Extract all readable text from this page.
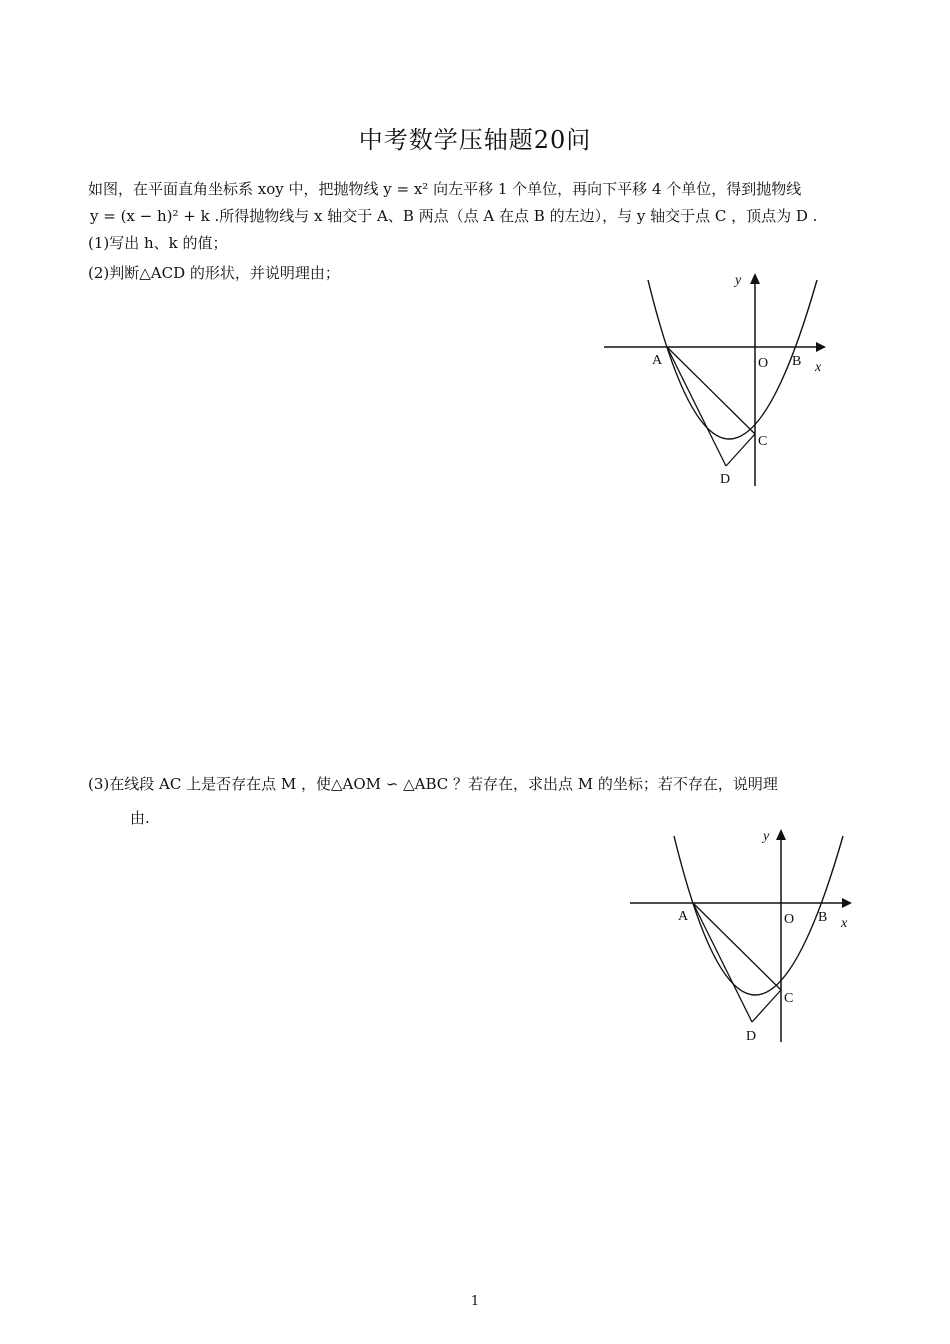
中考数学压轴题20问
如图，在平面直角坐标系 xoy 中，把抛物线 y = x² 向左平移 1 个单位，再向下平移 4 个单位，得到抛物线
y = (x − h)² + k .所得抛物线与 x 轴交于 A、B 两点（点 A 在点 B 的左边），与 y 轴交于点 C ，顶点为 D .
(1)写出 h、k 的值；
(2)判断△ACD 的形状，并说明理由；	y
x
O
A	B
C
D
(3)在线段 AC 上是否存在点 M ，使△AOM ∽ △ABC ？若存在，求出点 M 的坐标；若不存在，说明理
由.
y
x
O
A	B
C
D
1
